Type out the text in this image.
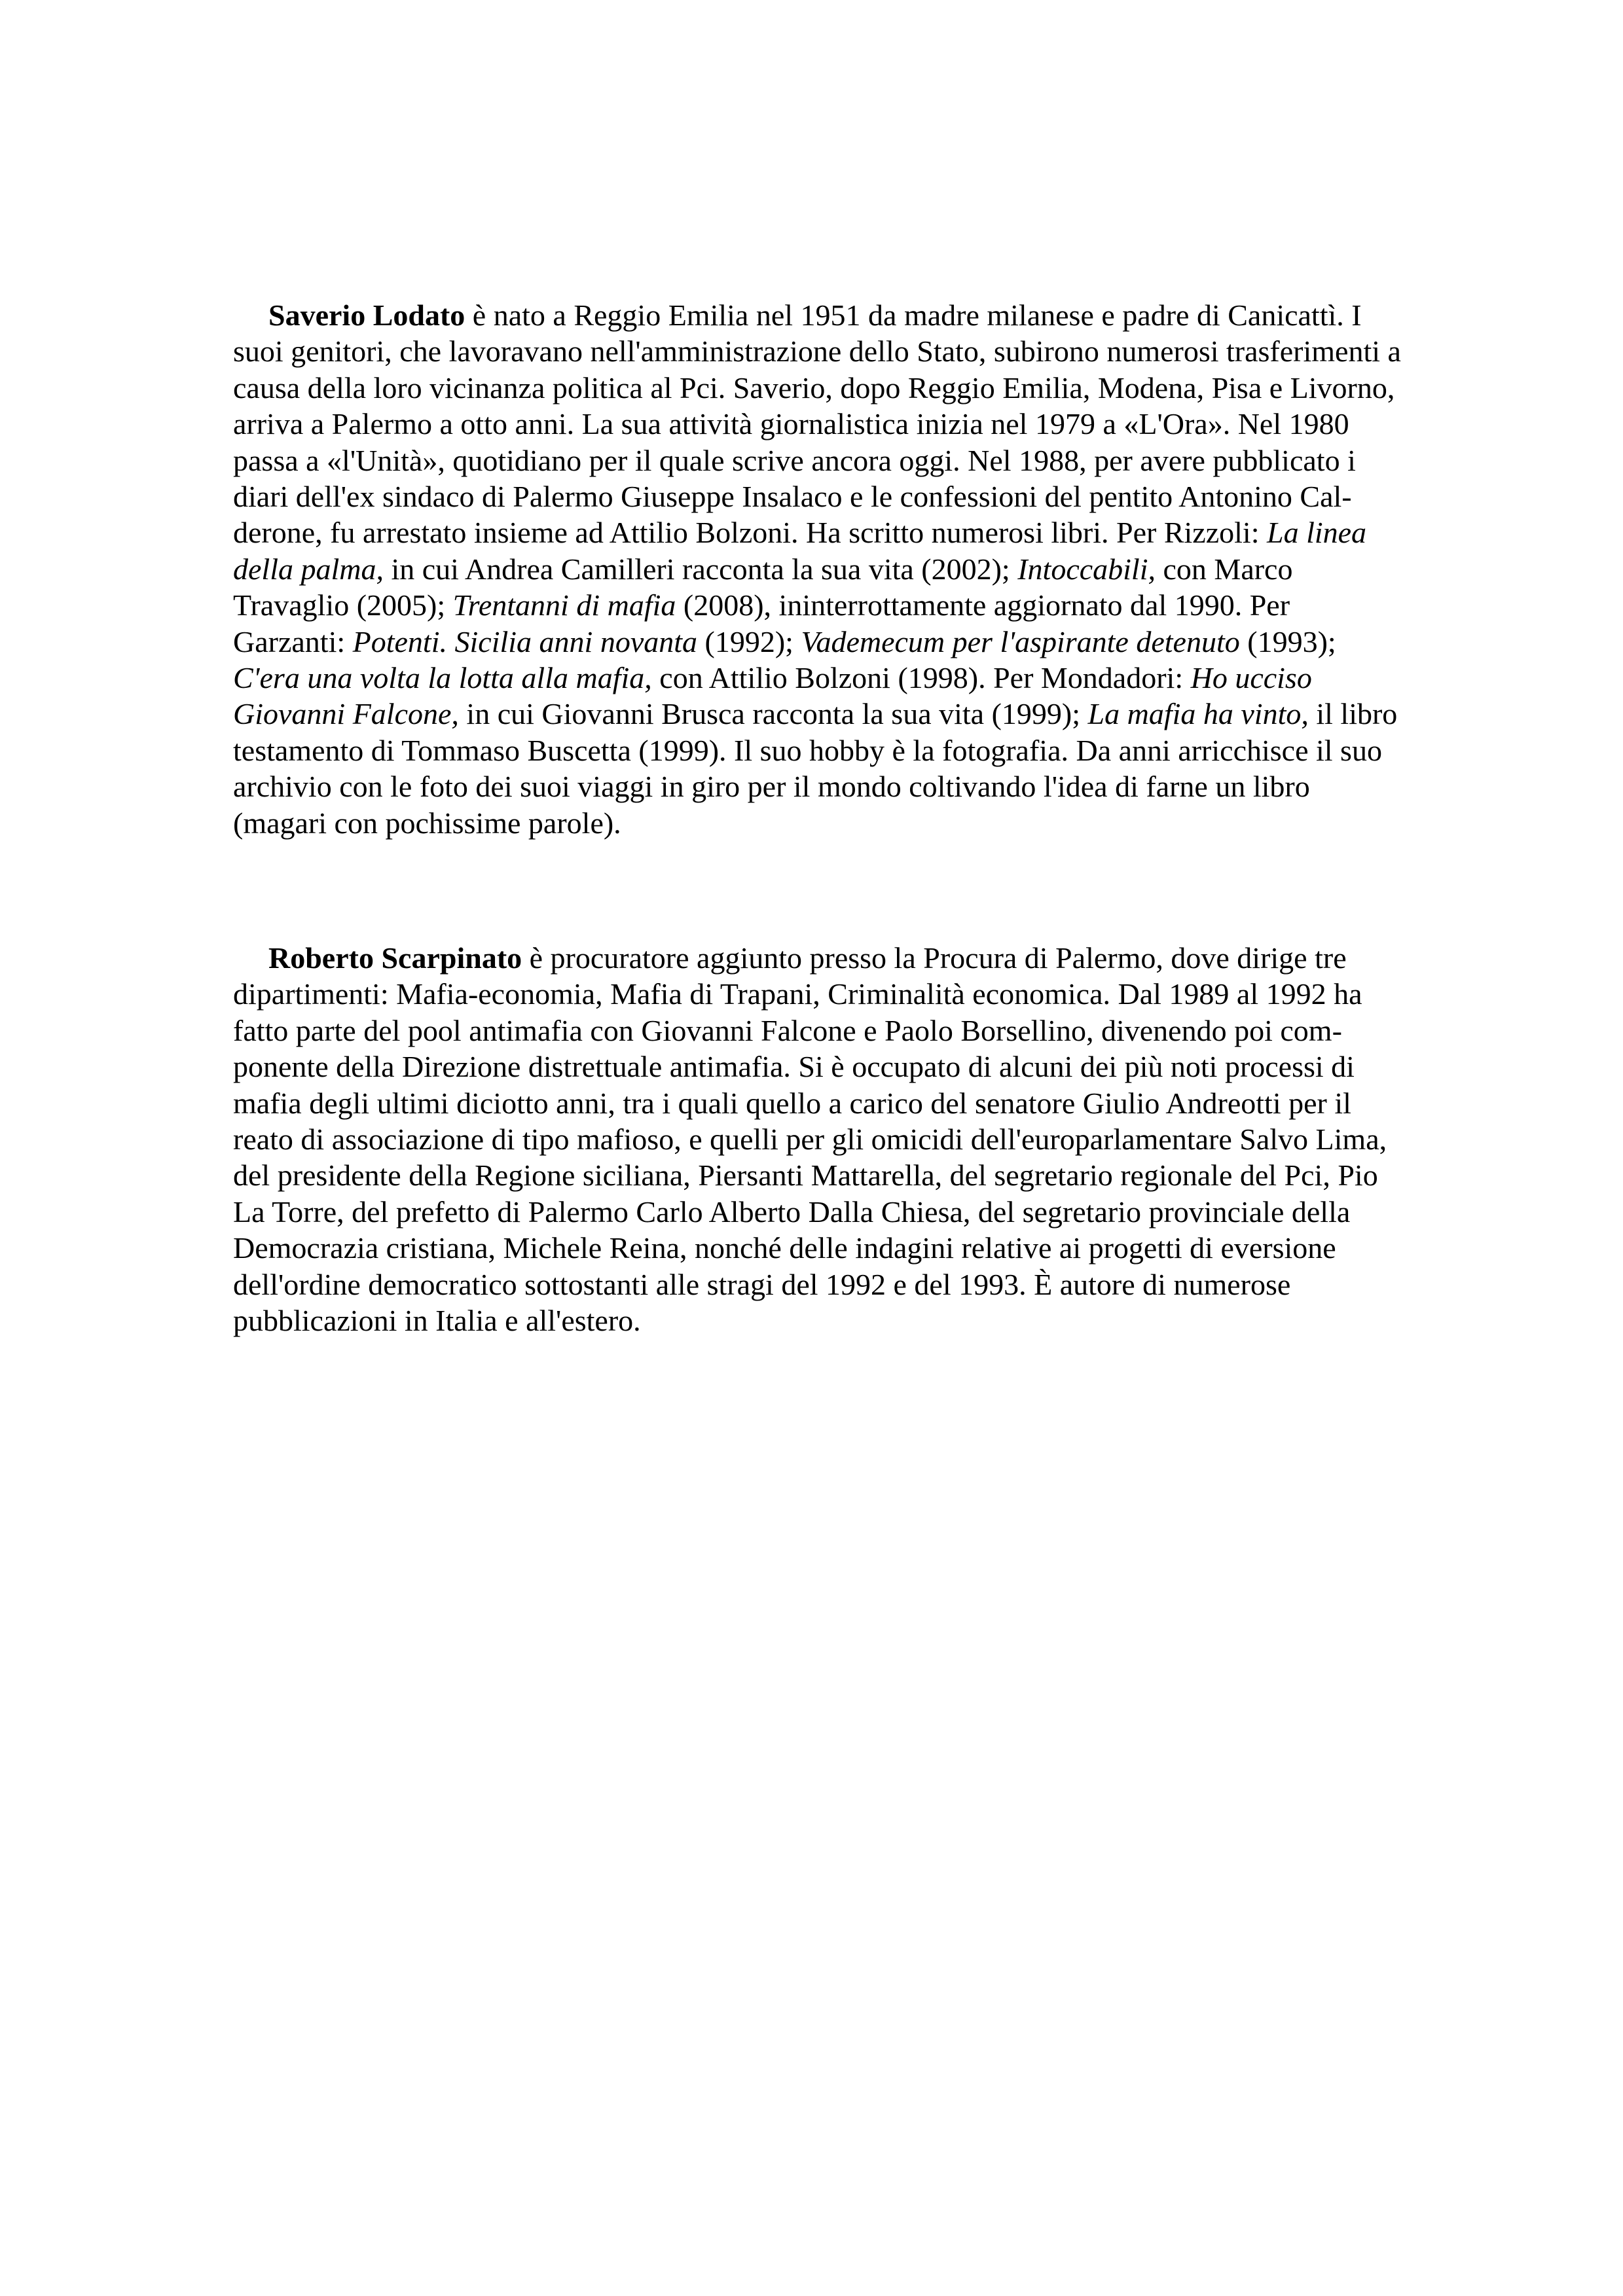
Saverio Lodato è nato a Reggio Emilia nel 1951 da madre milanese e padre di Canicattì. I
suoi genitori, che lavoravano nell'amministrazione dello Stato, subirono numerosi trasferimenti a
causa della loro vicinanza politica al Pci. Saverio, dopo Reggio Emilia, Modena, Pisa e Livorno,
arriva a Palermo a otto anni. La sua attività giornalistica inizia nel 1979 a «L'Ora». Nel 1980
passa a «l'Unità», quotidiano per il quale scrive ancora oggi. Nel 1988, per avere pubblicato i
diari dell'ex sindaco di Palermo Giuseppe Insalaco e le confessioni del pentito Antonino Cal-
derone, fu arrestato insieme ad Attilio Bolzoni. Ha scritto numerosi libri. Per Rizzoli: La linea
della palma, in cui Andrea Camilleri racconta la sua vita (2002); Intoccabili, con Marco
Travaglio (2005); Trentanni di mafia (2008), ininterrottamente aggiornato dal 1990. Per
Garzanti: Potenti. Sicilia anni novanta (1992); Vademecum per l'aspirante detenuto (1993);
C'era una volta la lotta alla mafia, con Attilio Bolzoni (1998). Per Mondadori: Ho ucciso
Giovanni Falcone, in cui Giovanni Brusca racconta la sua vita (1999); La mafia ha vinto, il libro
testamento di Tommaso Buscetta (1999). Il suo hobby è la fotografia. Da anni arricchisce il suo
archivio con le foto dei suoi viaggi in giro per il mondo coltivando l'idea di farne un libro
(magari con pochissime parole).
Roberto Scarpinato è procuratore aggiunto presso la Procura di Palermo, dove dirige tre
dipartimenti: Mafia-economia, Mafia di Trapani, Criminalità economica. Dal 1989 al 1992 ha
fatto parte del pool antimafia con Giovanni Falcone e Paolo Borsellino, divenendo poi com-
ponente della Direzione distrettuale antimafia. Si è occupato di alcuni dei più noti processi di
mafia degli ultimi diciotto anni, tra i quali quello a carico del senatore Giulio Andreotti per il
reato di associazione di tipo mafioso, e quelli per gli omicidi dell'europarlamentare Salvo Lima,
del presidente della Regione siciliana, Piersanti Mattarella, del segretario regionale del Pci, Pio
La Torre, del prefetto di Palermo Carlo Alberto Dalla Chiesa, del segretario provinciale della
Democrazia cristiana, Michele Reina, nonché delle indagini relative ai progetti di eversione
dell'ordine democratico sottostanti alle stragi del 1992 e del 1993. È autore di numerose
pubblicazioni in Italia e all'estero.
